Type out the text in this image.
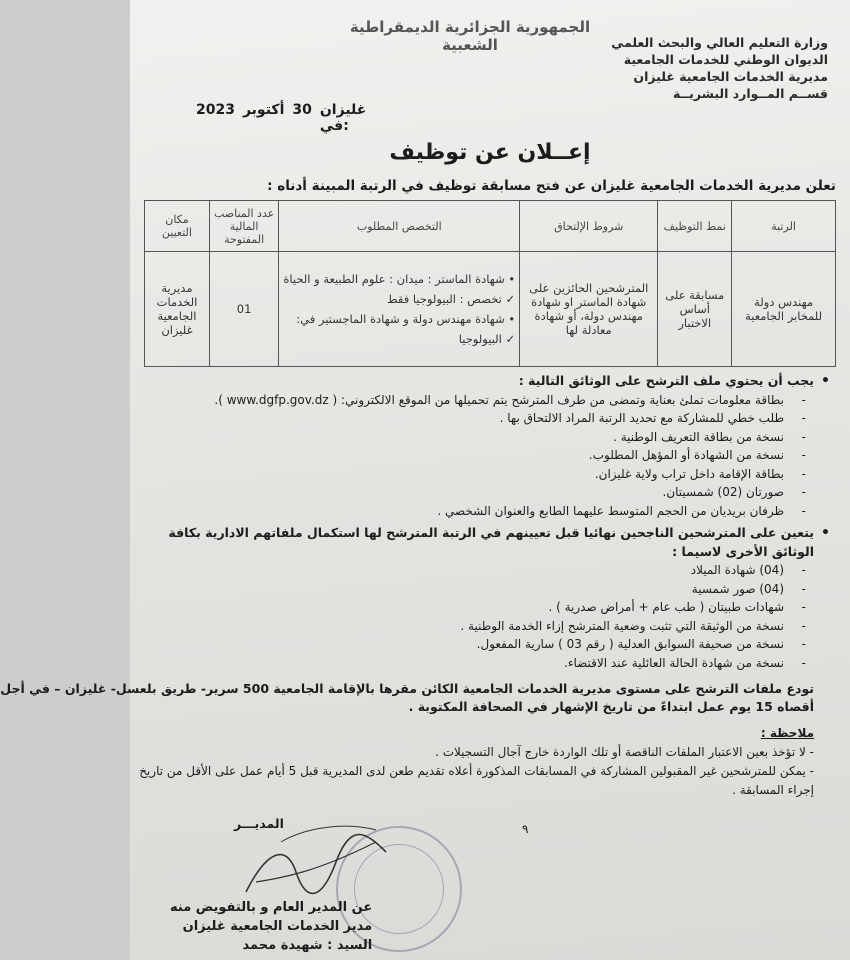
الجمهورية الجزائرية الديمقراطية الشعبية	وزارة التعليم العالي والبحث العلمي
الديوان الوطني للخدمات الجامعية
مديرية الخدمات الجامعية غليزان
قســم المــوارد البشريــة
2023 أكتوبر 30 غليزان في:
إعــلان عن توظيف
تعلن مديرية الخدمات الجامعية غليزان عن فتح مسابقة توظيف في الرتبة المبينة أدناه :
الرتبة	نمط التوظيف	شروط الإلتحاق	التخصص المطلوب	عدد المناصب المالية المفتوحة	مكان التعيين
مهندس دولة للمخابر الجامعية	مسابقة على أساس الاختبار	المترشحين الحائزين على شهادة الماستر او شهادة مهندس دولة، أو شهادة معادلة لها	• شهادة الماستر : ميدان : علوم الطبيعة و الحياة
✓ تخصص : البيولوجيا فقط
• شهادة مهندس دولة و شهادة الماجستير في:
✓ البيولوجيا	01	مديرية الخدمات الجامعية غليزان
•
يجب أن يحتوي ملف الترشح على الوثائق التالية :
- بطاقة معلومات تملئ بعناية وتمضى من طرف المترشح يتم تحميلها من الموقع الالكتروني: ( www.dgfp.gov.dz ).
- طلب خطي للمشاركة مع تحديد الرتبة المراد الالتحاق بها .
- نسخة من بطاقة التعريف الوطنية .
- نسخة من الشهادة أو المؤهل المطلوب.
- بطاقة الإقامة داخل تراب ولاية غليزان.
- صورتان (02) شمسيتان.
- ظرفان بريديان من الحجم المتوسط عليهما الطابع والعنوان الشخصي .
•
يتعين على المترشحين الناجحين نهائيا قبل تعيينهم في الرتبة المترشح لها استكمال ملفاتهم الادارية بكافة الوثائق الأخرى لاسيما :
- (04) شهادة الميلاد
- (04) صور شمسية
- شهادات طبيتان ( طب عام + أمراض صدرية ) .
- نسخة من الوثيقة التي تثبت وضعية المترشح إزاء الخدمة الوطنية .
- نسخة من صحيفة السوابق العدلية ( رقم 03 ) سارية المفعول.
- نسخة من شهادة الحالة العائلية عند الاقتضاء.
تودع ملفات الترشح على مستوى مديرية الخدمات الجامعية الكائن مقرها بالإقامة الجامعية 500 سرير- طريق بلعسل- غليزان – في أجل
أقصاه 15 يوم عمل ابتداءً من تاريخ الإشهار في الصحافة المكتوبة .
ملاحظة :
- لا تؤخذ بعين الاعتبار الملفات الناقصة أو تلك الواردة خارج آجال التسجيلات .
- يمكن للمترشحين غير المقبولين المشاركة في المسابقات المذكورة أعلاه تقديم طعن لدى المديرية قبل 5 أيام عمل على الأقل من تاريخ
إجراء المسابقة .
المديـــر	٩
عن المدير العام و بالتفويض منه
مدير الخدمات الجامعية غليزان
السيد : شهيدة محمد
